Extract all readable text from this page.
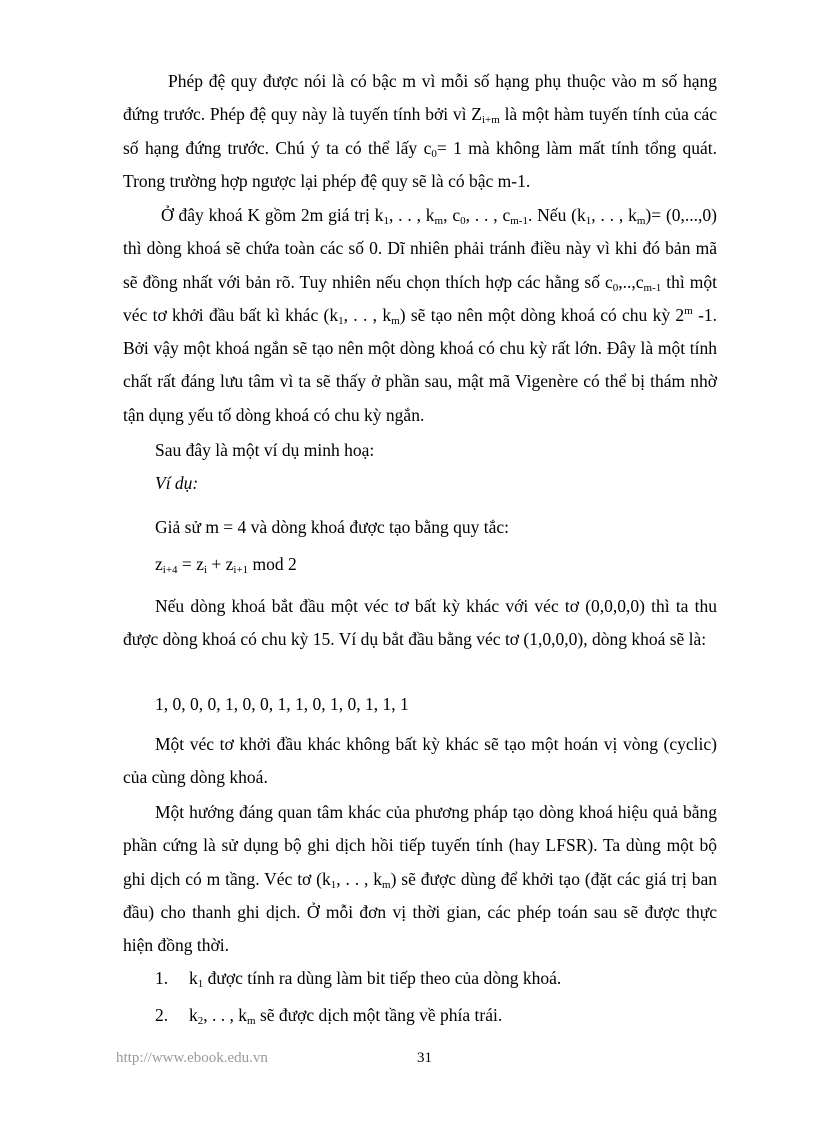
Phép đệ quy được nói là có bậc m vì mỗi số hạng phụ thuộc vào m số hạng đứng trước. Phép đệ quy này là tuyến tính bởi vì $Z_{i+m}$ là một hàm tuyến tính của các số hạng đứng trước. Chú ý ta có thể lấy $c_0= 1$ mà không làm mất tính tổng quát. Trong trường hợp ngược lại phép đệ quy sẽ là có bậc m-1.

Ở đây khoá K gồm 2m giá trị $k_1$, . . , $k_m$, $c_0$, . . , $c_{m-1}$. Nếu ($k_1$, . . , $k_m)= (0,...,0)$ thì dòng khoá sẽ chứa toàn các số 0. Dĩ nhiên phải tránh điều này vì khi đó bản mã sẽ đồng nhất với bản rõ. Tuy nhiên nếu chọn thích hợp các hằng số $c_0,..,c_{m-1}$ thì một véc tơ khởi đầu bất kì khác ($k_1$, . . , $k_m$) sẽ tạo nên một dòng khoá có chu kỳ 2$^m$ -1. Bởi vậy một khoá ngắn sẽ tạo nên một dòng khoá có chu kỳ rất lớn. Đây là một tính chất rất đáng lưu tâm vì ta sẽ thấy ở phần sau, mật mã Vigenère có thể bị thám nhờ tận dụng yếu tố dòng khoá có chu kỳ ngắn.

Sau đây là một ví dụ minh hoạ:

Ví dụ:

Giả sử m = 4 và dòng khoá được tạo bằng quy tắc:

$z_{i+4} = z_i + z_{i+1}$ mod 2

Nếu dòng khoá bắt đầu một véc tơ bất kỳ khác với véc tơ (0,0,0,0) thì ta thu được dòng khoá có chu kỳ 15. Ví dụ bắt đầu bằng véc tơ (1,0,0,0), dòng khoá sẽ là:

1, 0, 0, 0, 1, 0, 0, 1, 1, 0, 1, 0, 1, 1, 1

Một véc tơ khởi đầu khác không bất kỳ khác sẽ tạo một hoán vị vòng (cyclic) của cùng dòng khoá.

Một hướng đáng quan tâm khác của phương pháp tạo dòng khoá hiệu quả bằng phần cứng là sử dụng bộ ghi dịch hồi tiếp tuyến tính (hay LFSR). Ta dùng một bộ ghi dịch có m tầng. Véc tơ ($k_1$, . . , $k_m$) sẽ được dùng để khởi tạo (đặt các giá trị ban đầu) cho thanh ghi dịch. Ở mỗi đơn vị thời gian, các phép toán sau sẽ được thực hiện đồng thời.

1. $k_1$ được tính ra dùng làm bit tiếp theo của dòng khoá.
2. $k_2$, . . , $k_m$ sẽ được dịch một tầng về phía trái.
http://www.ebook.edu.vn	31
